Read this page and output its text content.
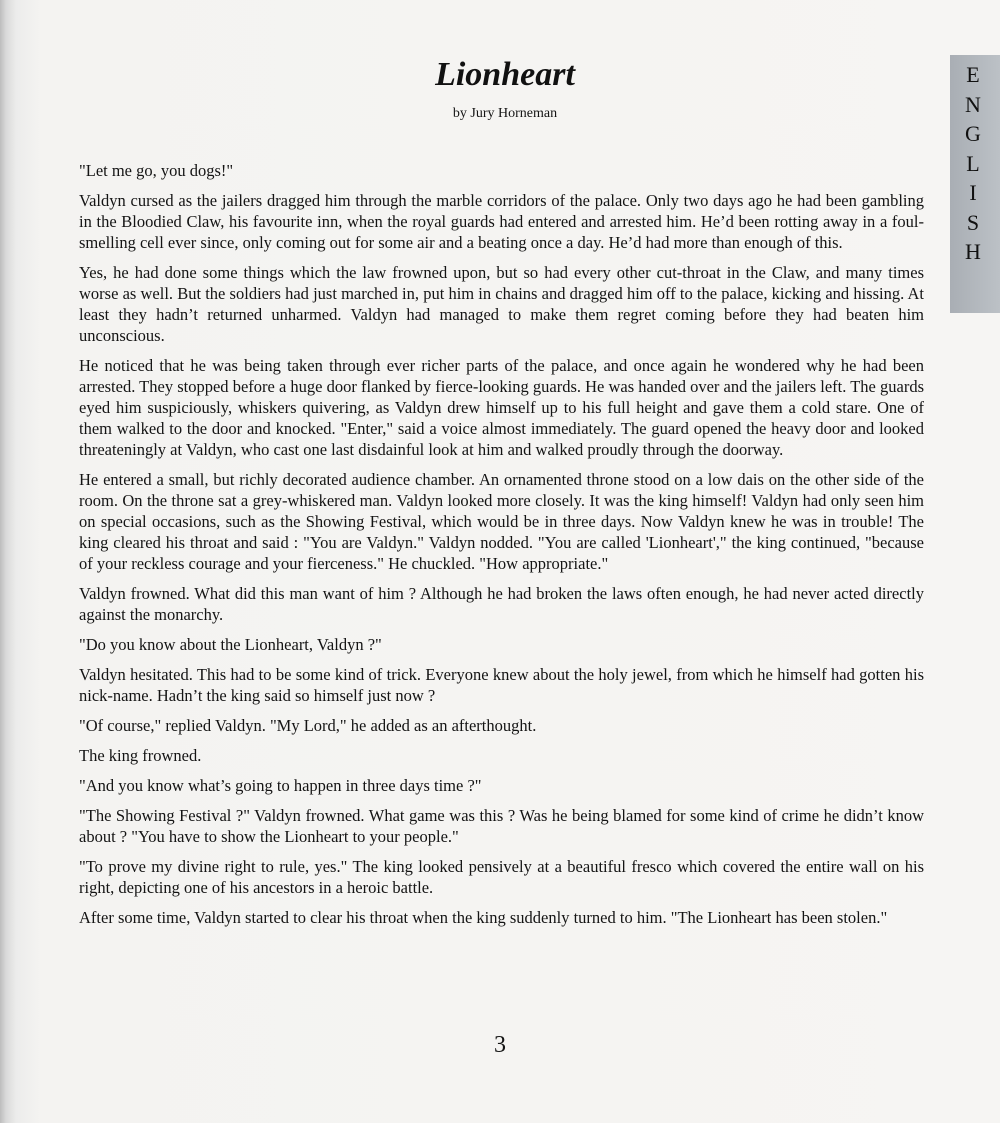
Lionheart

by Jury Horneman

"Let me go, you dogs!"

Valdyn cursed as the jailers dragged him through the marble corridors of the palace. Only two days ago he had been gambling in the Bloodied Claw, his favourite inn, when the royal guards had entered and arrested him. He’d been rotting away in a foul-smelling cell ever since, only coming out for some air and a beating once a day. He’d had more than enough of this.

Yes, he had done some things which the law frowned upon, but so had every other cut-throat in the Claw, and many times worse as well. But the soldiers had just marched in, put him in chains and dragged him off to the palace, kicking and hissing. At least they hadn’t returned unharmed. Valdyn had managed to make them regret coming before they had beaten him unconscious.

He noticed that he was being taken through ever richer parts of the palace, and once again he wondered why he had been arrested. They stopped before a huge door flanked by fierce-looking guards. He was handed over and the jailers left. The guards eyed him suspiciously, whiskers quivering, as Valdyn drew himself up to his full height and gave them a cold stare. One of them walked to the door and knocked. "Enter," said a voice almost immediately. The guard opened the heavy door and looked threateningly at Valdyn, who cast one last disdainful look at him and walked proudly through the doorway.

He entered a small, but richly decorated audience chamber. An ornamented throne stood on a low dais on the other side of the room. On the throne sat a grey-whiskered man. Valdyn looked more closely. It was the king himself! Valdyn had only seen him on special occasions, such as the Showing Festival, which would be in three days. Now Valdyn knew he was in trouble! The king cleared his throat and said : "You are Valdyn." Valdyn nodded. "You are called 'Lionheart'," the king continued, "because of your reckless courage and your fierceness." He chuckled. "How appropriate."

Valdyn frowned. What did this man want of him ? Although he had broken the laws often enough, he had never acted directly against the monarchy.

"Do you know about the Lionheart, Valdyn ?"

Valdyn hesitated. This had to be some kind of trick. Everyone knew about the holy jewel, from which he himself had gotten his nick-name. Hadn’t the king said so himself just now ?

"Of course," replied Valdyn. "My Lord," he added as an afterthought.

The king frowned.

"And you know what’s going to happen in three days time ?"

"The Showing Festival ?" Valdyn frowned. What game was this ? Was he being blamed for some kind of crime he didn’t know about ? "You have to show the Lionheart to your people."

"To prove my divine right to rule, yes." The king looked pensively at a beautiful fresco which covered the entire wall on his right, depicting one of his ancestors in a heroic battle.

After some time, Valdyn started to clear his throat when the king suddenly turned to him. "The Lionheart has been stolen."

E
N
G
L
I
S
H

3
